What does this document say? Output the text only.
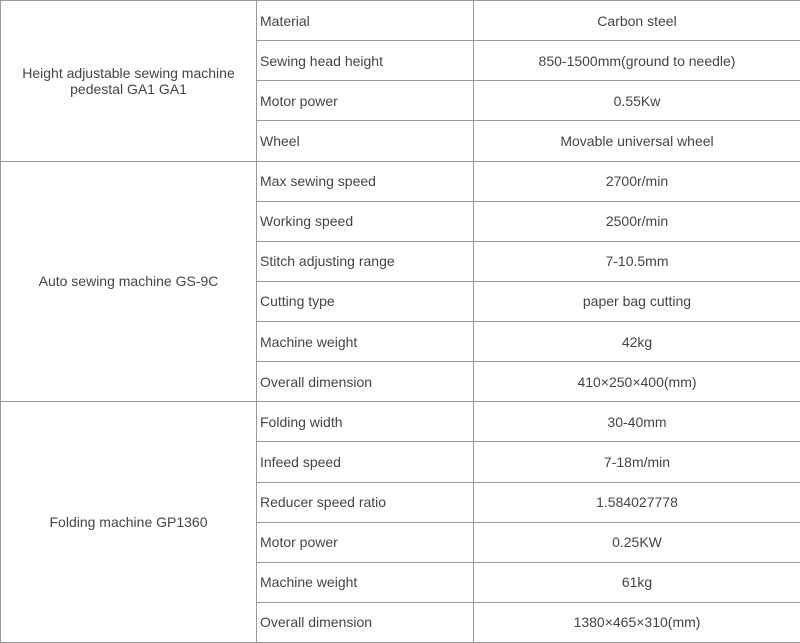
Height adjustable sewing machine pedestal GA1 GA1	Material	Carbon steel
	Sewing head height	850-1500mm(ground to needle)
	Motor power	0.55Kw
	Wheel	Movable universal wheel
Auto sewing machine GS-9C	Max sewing speed	2700r/min
	Working speed	2500r/min
	Stitch adjusting range	7-10.5mm
	Cutting type	paper bag cutting
	Machine weight	42kg
	Overall dimension	410×250×400(mm)
Folding machine GP1360	Folding width	30-40mm
	Infeed speed	7-18m/min
	Reducer speed ratio	1.584027778
	Motor power	0.25KW
	Machine weight	61kg
	Overall dimension	1380×465×310(mm)
